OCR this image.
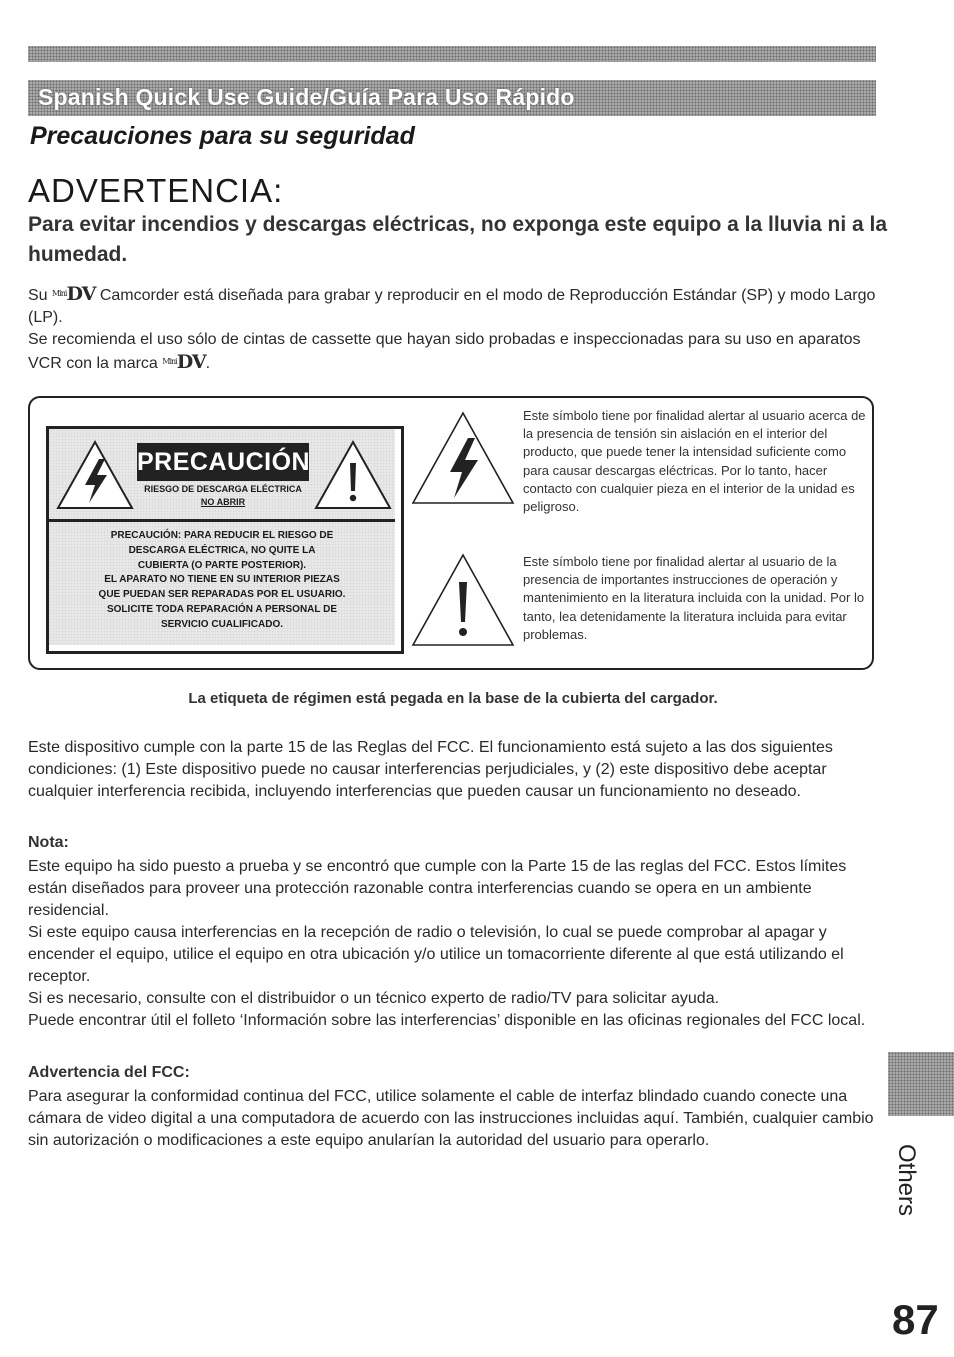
Spanish Quick Use Guide/Guía Para Uso Rápido
Precauciones para su seguridad
ADVERTENCIA:
Para evitar incendios y descargas eléctricas, no exponga este equipo a la lluvia ni a la humedad.
Su $^{Mini}$DV Camcorder está diseñada para grabar y reproducir en el modo de Reproducción Estándar (SP) y modo Largo (LP).
Se recomienda el uso sólo de cintas de cassette que hayan sido probadas e inspeccionadas para su uso en aparatos VCR con la marca $^{Mini}$DV.
PRECAUCIÓN
RIESGO DE DESCARGA ELÉCTRICA
NO ABRIR
PRECAUCIÓN: PARA REDUCIR EL RIESGO DE
DESCARGA ELÉCTRICA, NO QUITE LA
CUBIERTA (O PARTE POSTERIOR).
EL APARATO NO TIENE EN SU INTERIOR PIEZAS
QUE PUEDAN SER REPARADAS POR EL USUARIO.
SOLICITE TODA REPARACIÓN A PERSONAL DE
SERVICIO CUALIFICADO.
Este símbolo tiene por finalidad alertar al usuario acerca de la presencia de tensión sin aislación en el interior del producto, que puede tener la intensidad suficiente como para causar descargas eléctricas. Por lo tanto, hacer contacto con cualquier pieza en el interior de la unidad es peligroso.
Este símbolo tiene por finalidad alertar al usuario de la presencia de importantes instrucciones de operación y mantenimiento en la literatura incluida con la unidad. Por lo tanto, lea detenidamente la literatura incluida para evitar problemas.
La etiqueta de régimen está pegada en la base de la cubierta del cargador.
Este dispositivo cumple con la parte 15 de las Reglas del FCC. El funcionamiento está sujeto a las dos siguientes condiciones: (1) Este dispositivo puede no causar interferencias perjudiciales, y (2) este dispositivo debe aceptar cualquier interferencia recibida, incluyendo interferencias que pueden causar un funcionamiento no deseado.
Nota:
Este equipo ha sido puesto a prueba y se encontró que cumple con la Parte 15 de las reglas del FCC. Estos límites están diseñados para proveer una protección razonable contra interferencias cuando se opera en un ambiente residencial.
Si este equipo causa interferencias en la recepción de radio o televisión, lo cual se puede comprobar al apagar y encender el equipo, utilice el equipo en otra ubicación y/o utilice un tomacorriente diferente al que está utilizando el receptor.
Si es necesario, consulte con el distribuidor o un técnico experto de radio/TV para solicitar ayuda.
Puede encontrar útil el folleto ‘Información sobre las interferencias’ disponible en las oficinas regionales del FCC local.
Advertencia del FCC:
Para asegurar la conformidad continua del FCC, utilice solamente el cable de interfaz blindado cuando conecte una cámara de video digital a una computadora de acuerdo con las instrucciones incluidas aquí. También, cualquier cambio sin autorización o modificaciones a este equipo anularían la autoridad del usuario para operarlo.
Others
87
